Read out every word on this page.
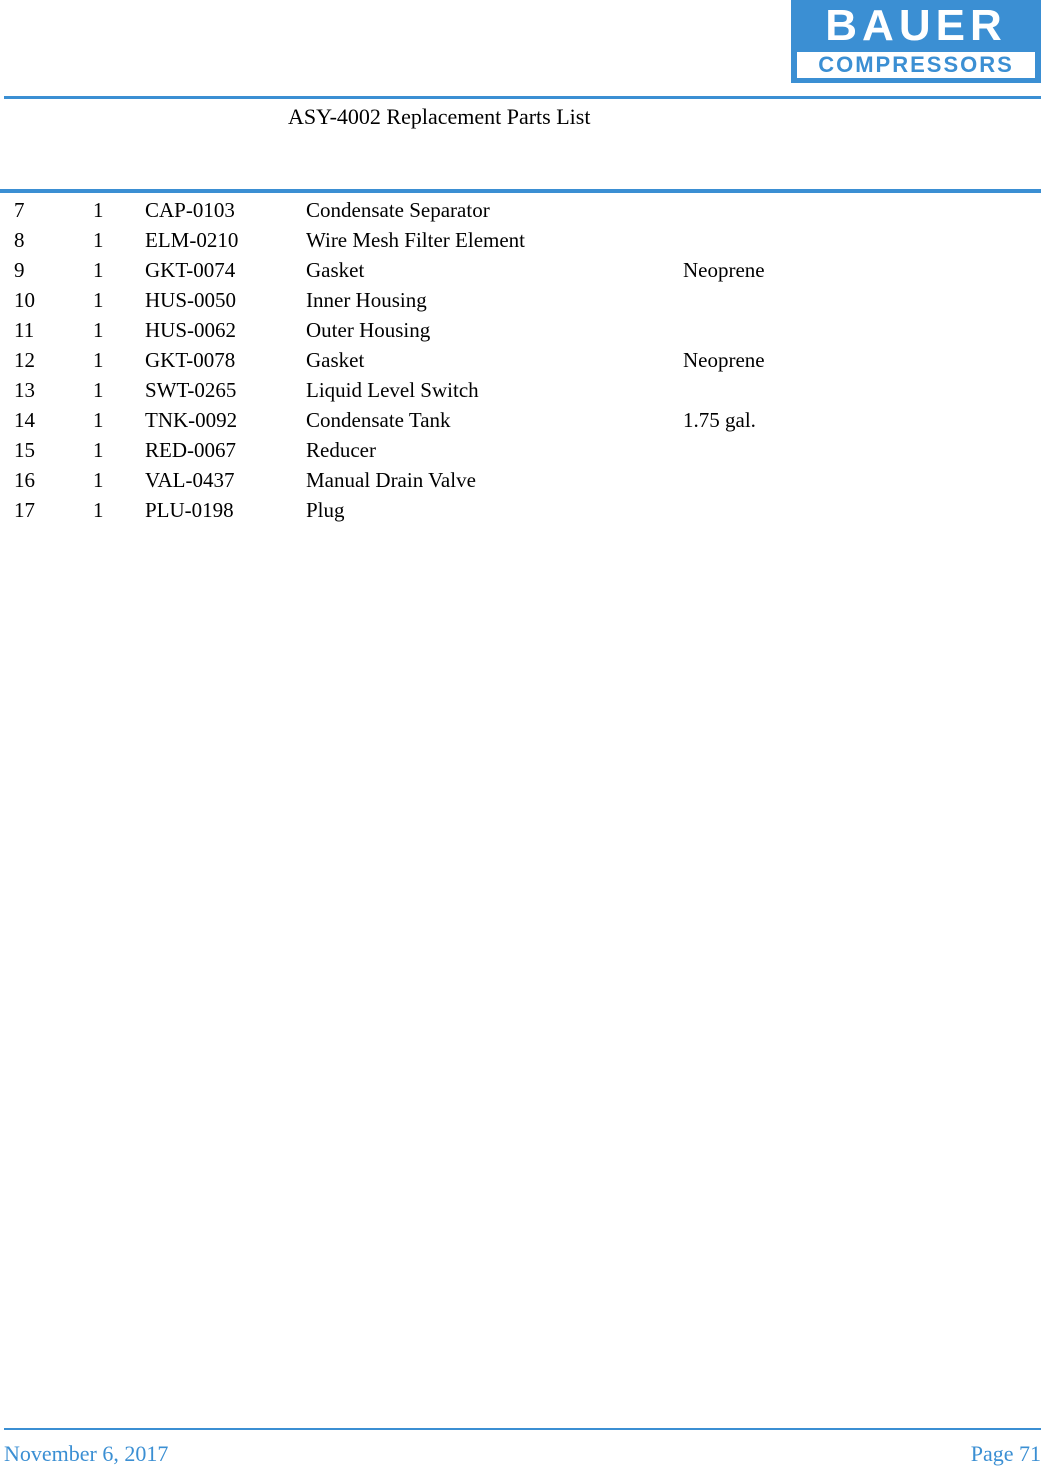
BAUER
COMPRESSORS
ASY-4002 Replacement Parts List
7	1 CAP-0103	Condensate Separator
8	1 ELM-0210	Wire Mesh Filter Element
9	1 GKT-0074	Gasket	Neoprene
10	1 HUS-0050	Inner Housing
11	1 HUS-0062	Outer Housing
12	1 GKT-0078	Gasket	Neoprene
13	1 SWT-0265	Liquid Level Switch
14	1 TNK-0092	Condensate Tank	1.75 gal.
15	1 RED-0067	Reducer
16	1 VAL-0437	Manual Drain Valve
17	1 PLU-0198	Plug
November 6, 2017	Page 71
